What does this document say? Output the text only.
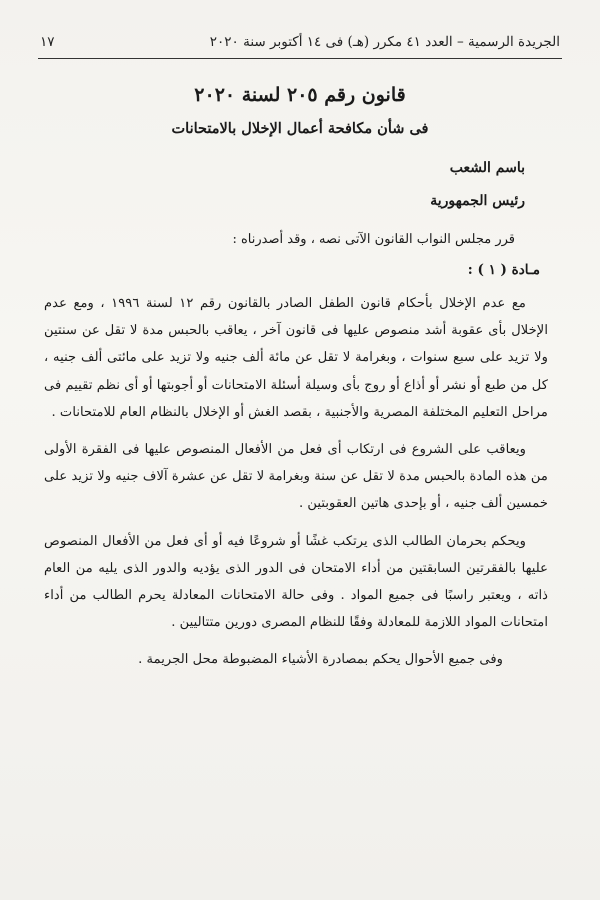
الجريدة الرسمية – العدد ٤١ مكرر (هـ) فى ١٤ أكتوبر سنة ٢٠٢٠
١٧
قانون رقم ٢٠٥ لسنة ٢٠٢٠
فى شأن مكافحة أعمال الإخلال بالامتحانات
باسم الشعب
رئيس الجمهورية
قرر مجلس النواب القانون الآتى نصه ، وقد أصدرناه :
مـادة ( ١ ) :

مع عدم الإخلال بأحكام قانون الطفل الصادر بالقانون رقم ١٢ لسنة ١٩٩٦ ، ومع عدم الإخلال بأى عقوبة أشد منصوص عليها فى قانون آخر ، يعاقب بالحبس مدة لا تقل عن سنتين ولا تزيد على سبع سنوات ، وبغرامة لا تقل عن مائة ألف جنيه ولا تزيد على مائتى ألف جنيه ، كل من طبع أو نشر أو أذاع أو روج بأى وسيلة أسئلة الامتحانات أو أجوبتها أو أى نظم تقييم فى مراحل التعليم المختلفة المصرية والأجنبية ، بقصد الغش أو الإخلال بالنظام العام للامتحانات .

ويعاقب على الشروع فى ارتكاب أى فعل من الأفعال المنصوص عليها فى الفقرة الأولى من هذه المادة بالحبس مدة لا تقل عن سنة وبغرامة لا تقل عن عشرة آلاف جنيه ولا تزيد على خمسين ألف جنيه ، أو بإحدى هاتين العقوبتين .

ويحكم بحرمان الطالب الذى يرتكب غشًا أو شروعًا فيه أو أى فعل من الأفعال المنصوص عليها بالفقرتين السابقتين من أداء الامتحان فى الدور الذى يؤديه والدور الذى يليه من العام ذاته ، ويعتبر راسبًا فى جميع المواد . وفى حالة الامتحانات المعادلة يحرم الطالب من أداء امتحانات المواد اللازمة للمعادلة وفقًا للنظام المصرى دورين متتاليين .

وفى جميع الأحوال يحكم بمصادرة الأشياء المضبوطة محل الجريمة .
